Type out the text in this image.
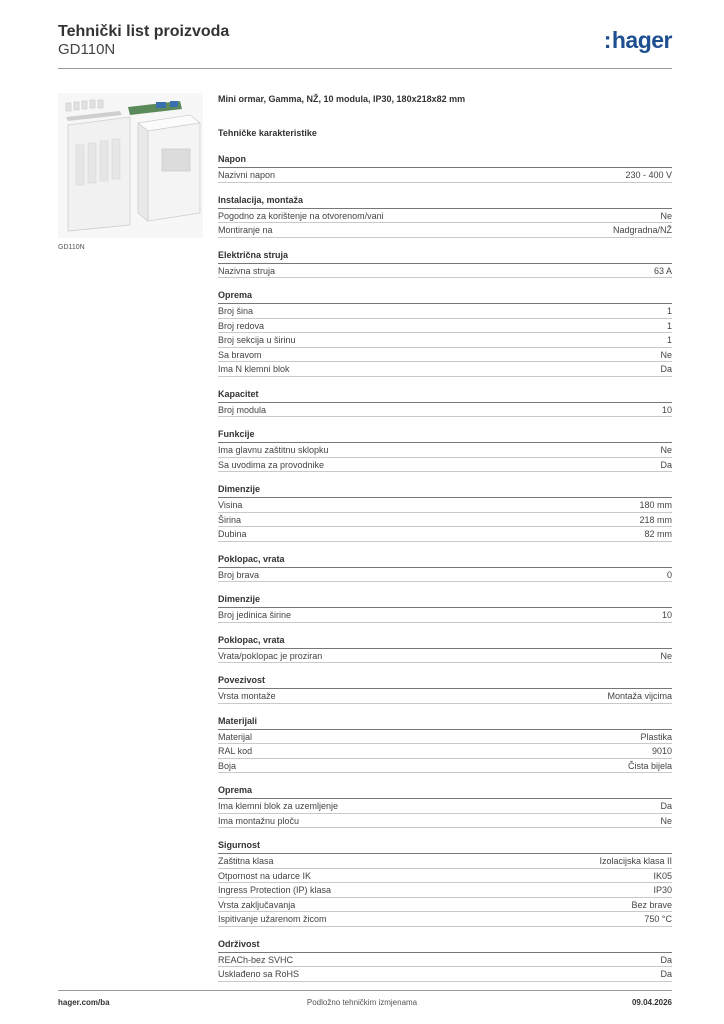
Tehnički list proizvoda
GD110N	:hager
GD110N
Mini ormar, Gamma, NŽ, 10 modula, IP30, 180x218x82 mm
Tehničke karakteristike
Napon
Nazivni napon	230 - 400 V
Instalacija, montaža
Pogodno za korištenje na otvorenom/vani	Ne
Montiranje na	Nadgradna/NŽ
Električna struja
Nazivna struja	63 A
Oprema
Broj šina	1
Broj redova	1
Broj sekcija u širinu	1
Sa bravom	Ne
Ima N klemni blok	Da
Kapacitet
Broj modula	10
Funkcije
Ima glavnu zaštitnu sklopku	Ne
Sa uvodima za provodnike	Da
Dimenzije
Visina	180 mm
Širina	218 mm
Dubina	82 mm
Poklopac, vrata
Broj brava	0
Dimenzije
Broj jedinica širine	10
Poklopac, vrata
Vrata/poklopac je proziran	Ne
Povezivost
Vrsta montaže	Montaža vijcima
Materijali
Materijal	Plastika
RAL kod	9010
Boja	Čista bijela
Oprema
Ima klemni blok za uzemljenje	Da
Ima montažnu ploču	Ne
Sigurnost
Zaštitna klasa	Izolacijska klasa II
Otpornost na udarce IK	IK05
Ingress Protection (IP) klasa	IP30
Vrsta zaključavanja	Bez brave
Ispitivanje užarenom žicom	750 °C
Održivost
REACh-bez SVHC	Da
Usklađeno sa RoHS	Da
hager.com/ba	Podložno tehničkim izmjenama	09.04.2026
